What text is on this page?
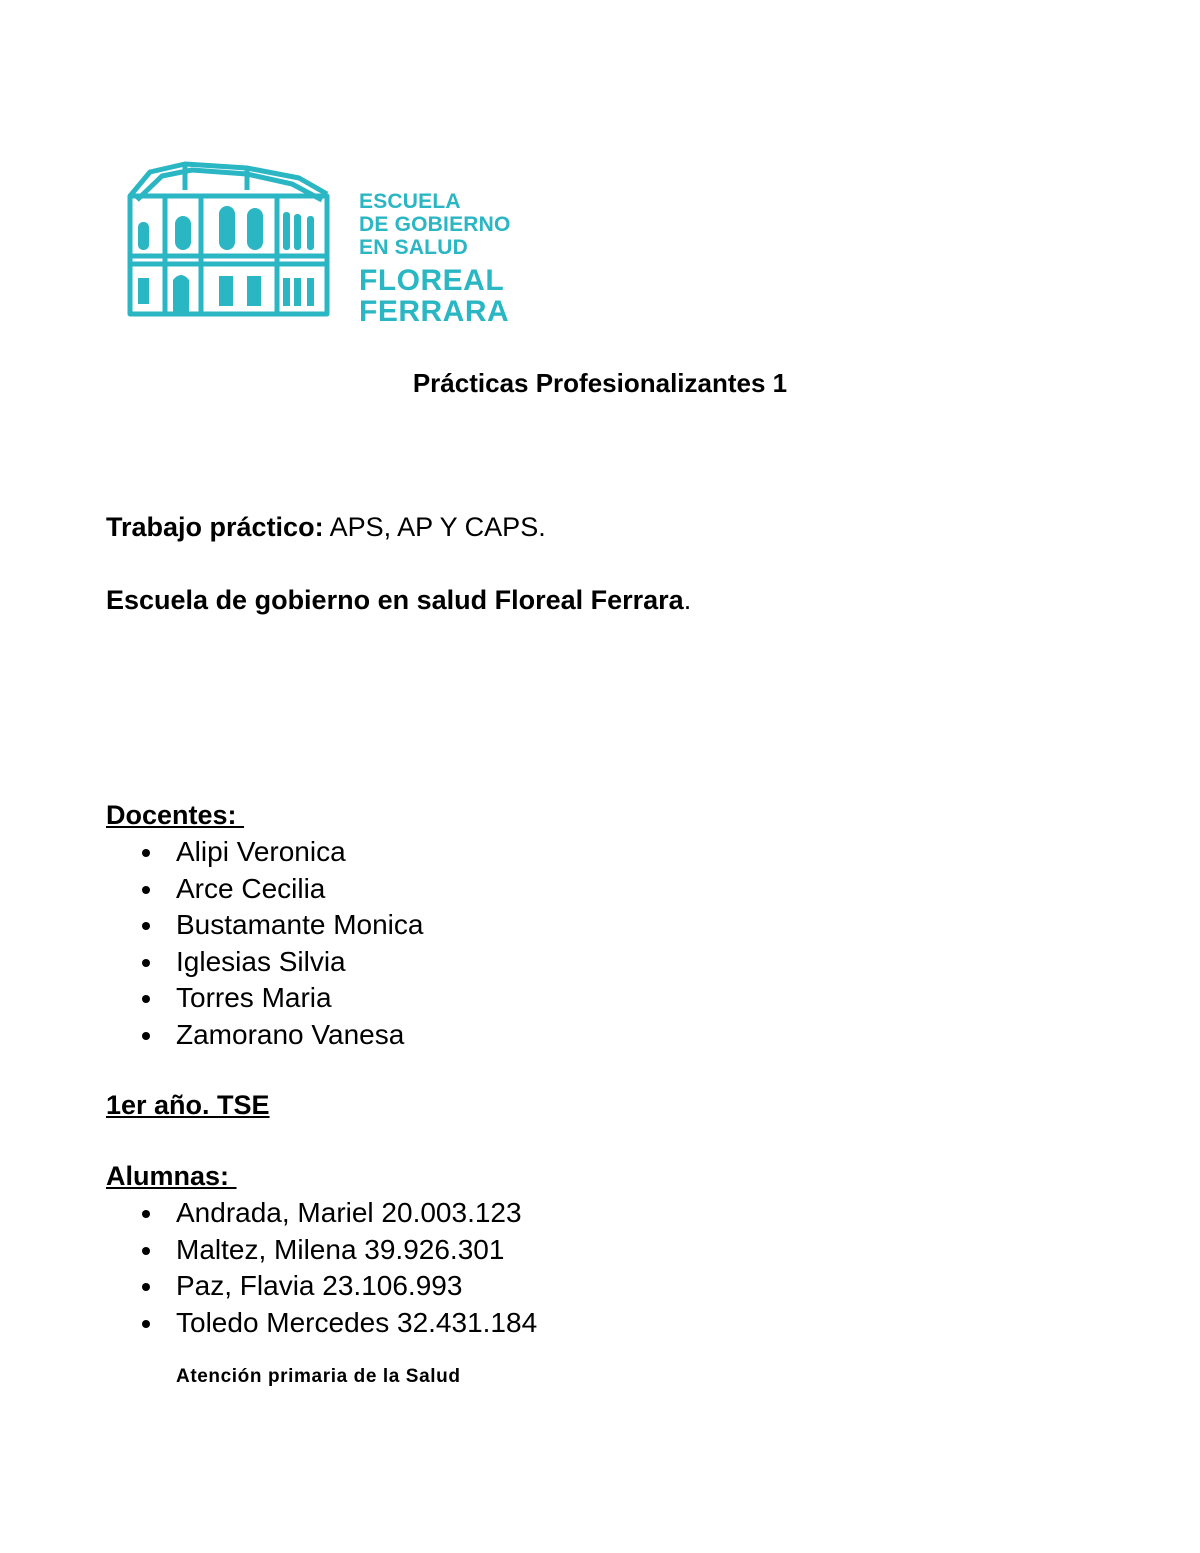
ESCUELA
DE GOBIERNO
EN SALUD
FLOREAL
FERRARA
Prácticas Profesionalizantes 1

Trabajo práctico: APS, AP Y CAPS.

Escuela de gobierno en salud Floreal Ferrara.

Docentes:

Alipi Veronica
Arce Cecilia
Bustamante Monica
Iglesias Silvia
Torres Maria
Zamorano Vanesa

1er año. TSE

Alumnas:

Andrada, Mariel 20.003.123
Maltez, Milena 39.926.301
Paz, Flavia 23.106.993
Toledo Mercedes 32.431.184

Atención primaria de la Salud
